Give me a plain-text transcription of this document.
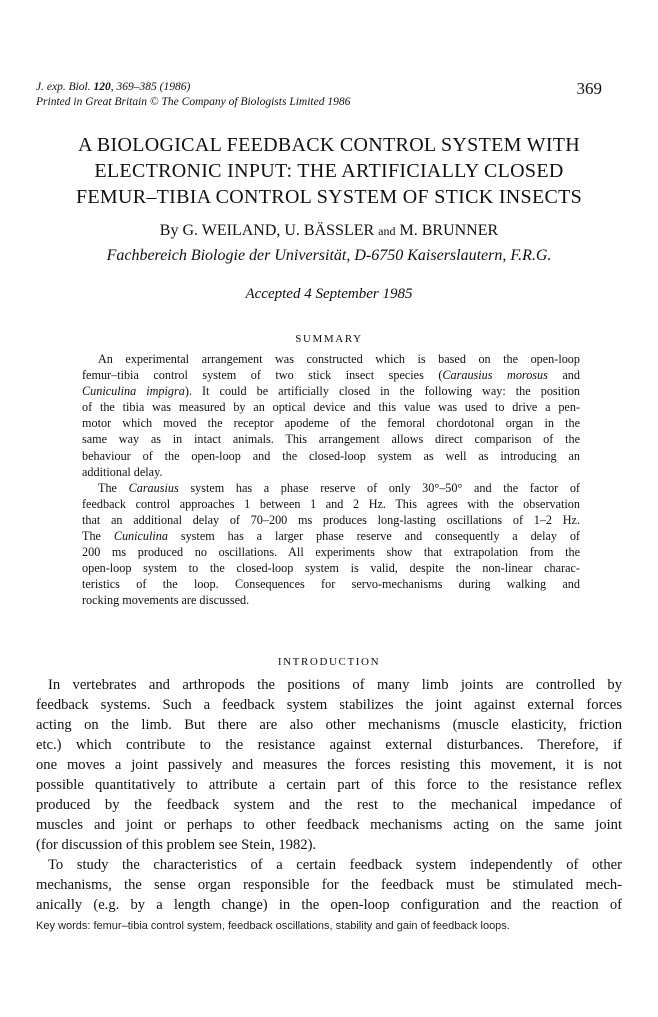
J. exp. Biol. 120, 369–385 (1986)
Printed in Great Britain © The Company of Biologists Limited 1986
369
A BIOLOGICAL FEEDBACK CONTROL SYSTEM WITH
ELECTRONIC INPUT: THE ARTIFICIALLY CLOSED
FEMUR–TIBIA CONTROL SYSTEM OF STICK INSECTS
By G. WEILAND, U. BÄSSLER and M. BRUNNER
Fachbereich Biologie der Universität, D-6750 Kaiserslautern, F.R.G.
Accepted 4 September 1985
SUMMARY
An experimental arrangement was constructed which is based on the open-loop
femur–tibia control system of two stick insect species (Carausius morosus and
Cuniculina impigra). It could be artificially closed in the following way: the position
of the tibia was measured by an optical device and this value was used to drive a pen-
motor which moved the receptor apodeme of the femoral chordotonal organ in the
same way as in intact animals. This arrangement allows direct comparison of the
behaviour of the open-loop and the closed-loop system as well as introducing an
additional delay.
The Carausius system has a phase reserve of only 30°–50° and the factor of
feedback control approaches 1 between 1 and 2 Hz. This agrees with the observation
that an additional delay of 70–200 ms produces long-lasting oscillations of 1–2 Hz.
The Cuniculina system has a larger phase reserve and consequently a delay of
200 ms produced no oscillations. All experiments show that extrapolation from the
open-loop system to the closed-loop system is valid, despite the non-linear charac-
teristics of the loop. Consequences for servo-mechanisms during walking and
rocking movements are discussed.
INTRODUCTION
In vertebrates and arthropods the positions of many limb joints are controlled by
feedback systems. Such a feedback system stabilizes the joint against external forces
acting on the limb. But there are also other mechanisms (muscle elasticity, friction
etc.) which contribute to the resistance against external disturbances. Therefore, if
one moves a joint passively and measures the forces resisting this movement, it is not
possible quantitatively to attribute a certain part of this force to the resistance reflex
produced by the feedback system and the rest to the mechanical impedance of
muscles and joint or perhaps to other feedback mechanisms acting on the same joint
(for discussion of this problem see Stein, 1982).
To study the characteristics of a certain feedback system independently of other
mechanisms, the sense organ responsible for the feedback must be stimulated mech-
anically (e.g. by a length change) in the open-loop configuration and the reaction of
Key words: femur–tibia control system, feedback oscillations, stability and gain of feedback loops.
